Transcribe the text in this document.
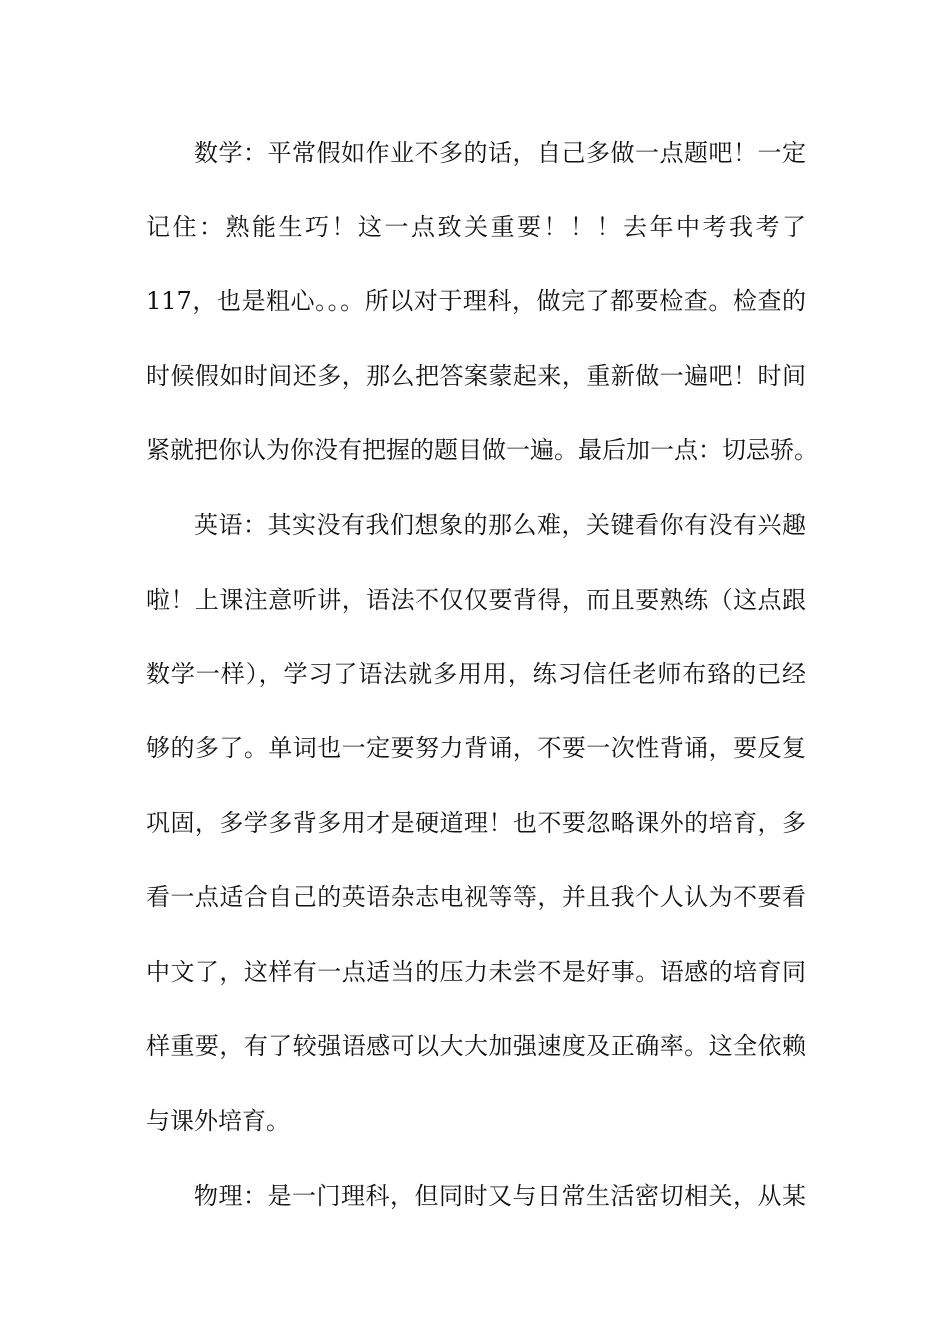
数学：平常假如作业不多的话，自己多做一点题吧！一定
记住：熟能生巧！这一点致关重要！！！去年中考我考了
117，也是粗心。。。所以对于理科，做完了都要检查。检查的
时候假如时间还多，那么把答案蒙起来，重新做一遍吧！时间
紧就把你认为你没有把握的题目做一遍。最后加一点：切忌骄。
英语：其实没有我们想象的那么难，关键看你有没有兴趣
啦！上课注意听讲，语法不仅仅要背得，而且要熟练（这点跟
数学一样），学习了语法就多用用，练习信任老师布臵的已经
够的多了。单词也一定要努力背诵，不要一次性背诵，要反复
巩固，多学多背多用才是硬道理！也不要忽略课外的培育，多
看一点适合自己的英语杂志电视等等，并且我个人认为不要看
中文了，这样有一点适当的压力未尝不是好事。语感的培育同
样重要，有了较强语感可以大大加强速度及正确率。这全依赖
与课外培育。
物理：是一门理科，但同时又与日常生活密切相关，从某
